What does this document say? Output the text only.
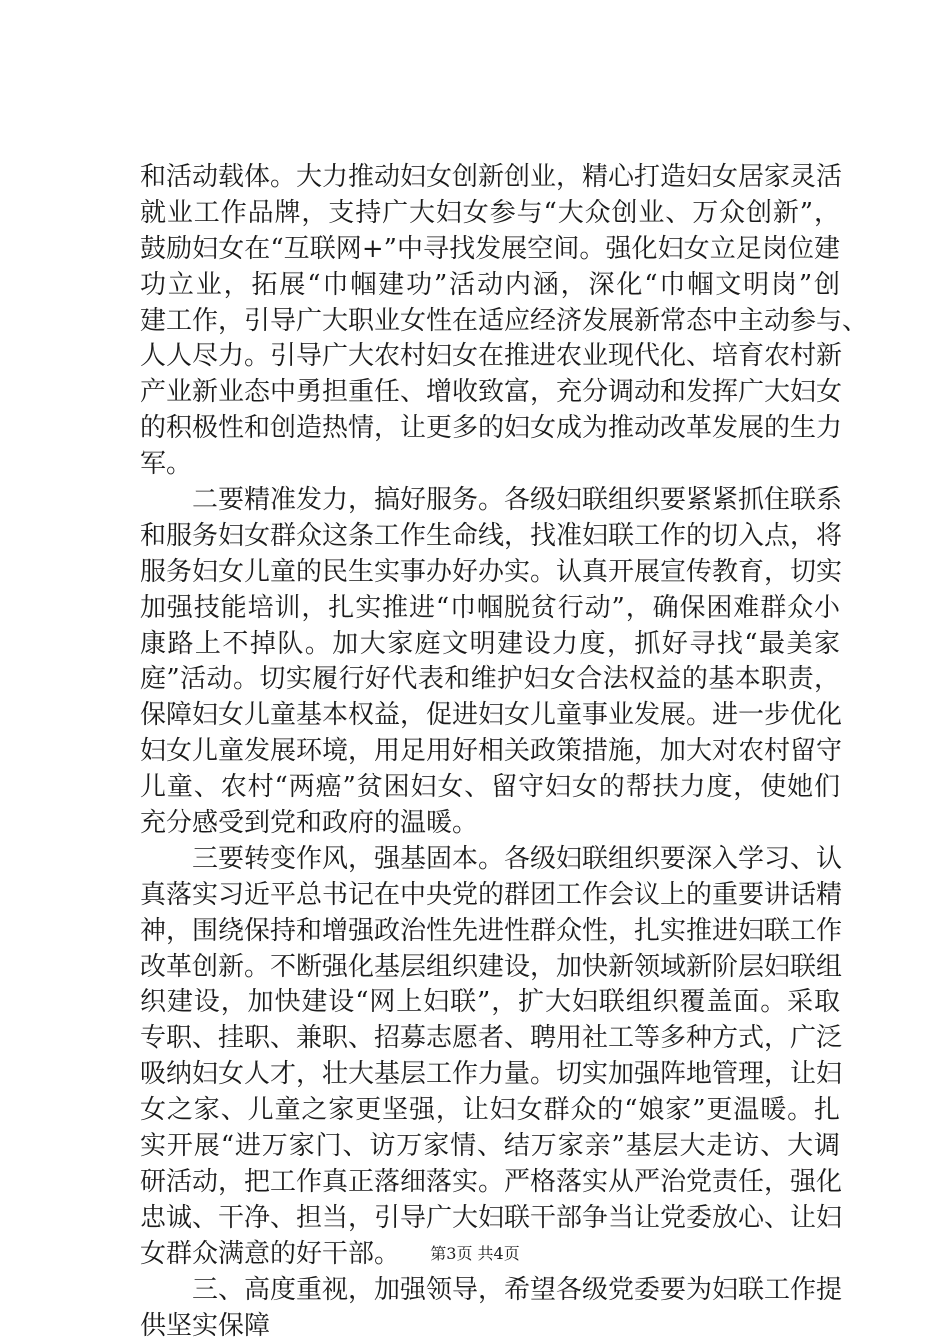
和活动载体。大力推动妇女创新创业，精心打造妇女居家灵活
就业工作品牌，支持广大妇女参与“大众创业、万众创新”，
鼓励妇女在“互联网+”中寻找发展空间。强化妇女立足岗位建
功立业，拓展“巾帼建功”活动内涵，深化“巾帼文明岗”创
建工作，引导广大职业女性在适应经济发展新常态中主动参与、
人人尽力。引导广大农村妇女在推进农业现代化、培育农村新
产业新业态中勇担重任、增收致富，充分调动和发挥广大妇女
的积极性和创造热情，让更多的妇女成为推动改革发展的生力
军。
二要精准发力，搞好服务。各级妇联组织要紧紧抓住联系
和服务妇女群众这条工作生命线，找准妇联工作的切入点，将
服务妇女儿童的民生实事办好办实。认真开展宣传教育，切实
加强技能培训，扎实推进“巾帼脱贫行动”，确保困难群众小
康路上不掉队。加大家庭文明建设力度，抓好寻找“最美家
庭”活动。切实履行好代表和维护妇女合法权益的基本职责，
保障妇女儿童基本权益，促进妇女儿童事业发展。进一步优化
妇女儿童发展环境，用足用好相关政策措施，加大对农村留守
儿童、农村“两癌”贫困妇女、留守妇女的帮扶力度，使她们
充分感受到党和政府的温暖。
三要转变作风，强基固本。各级妇联组织要深入学习、认
真落实习近平总书记在中央党的群团工作会议上的重要讲话精
神，围绕保持和增强政治性先进性群众性，扎实推进妇联工作
改革创新。不断强化基层组织建设，加快新领域新阶层妇联组
织建设，加快建设“网上妇联”，扩大妇联组织覆盖面。采取
专职、挂职、兼职、招募志愿者、聘用社工等多种方式，广泛
吸纳妇女人才，壮大基层工作力量。切实加强阵地管理，让妇
女之家、儿童之家更坚强，让妇女群众的“娘家”更温暖。扎
实开展“进万家门、访万家情、结万家亲”基层大走访、大调
研活动，把工作真正落细落实。严格落实从严治党责任，强化
忠诚、干净、担当，引导广大妇联干部争当让党委放心、让妇
女群众满意的好干部。
三、高度重视，加强领导，希望各级党委要为妇联工作提
供坚实保障
第3页 共4页
